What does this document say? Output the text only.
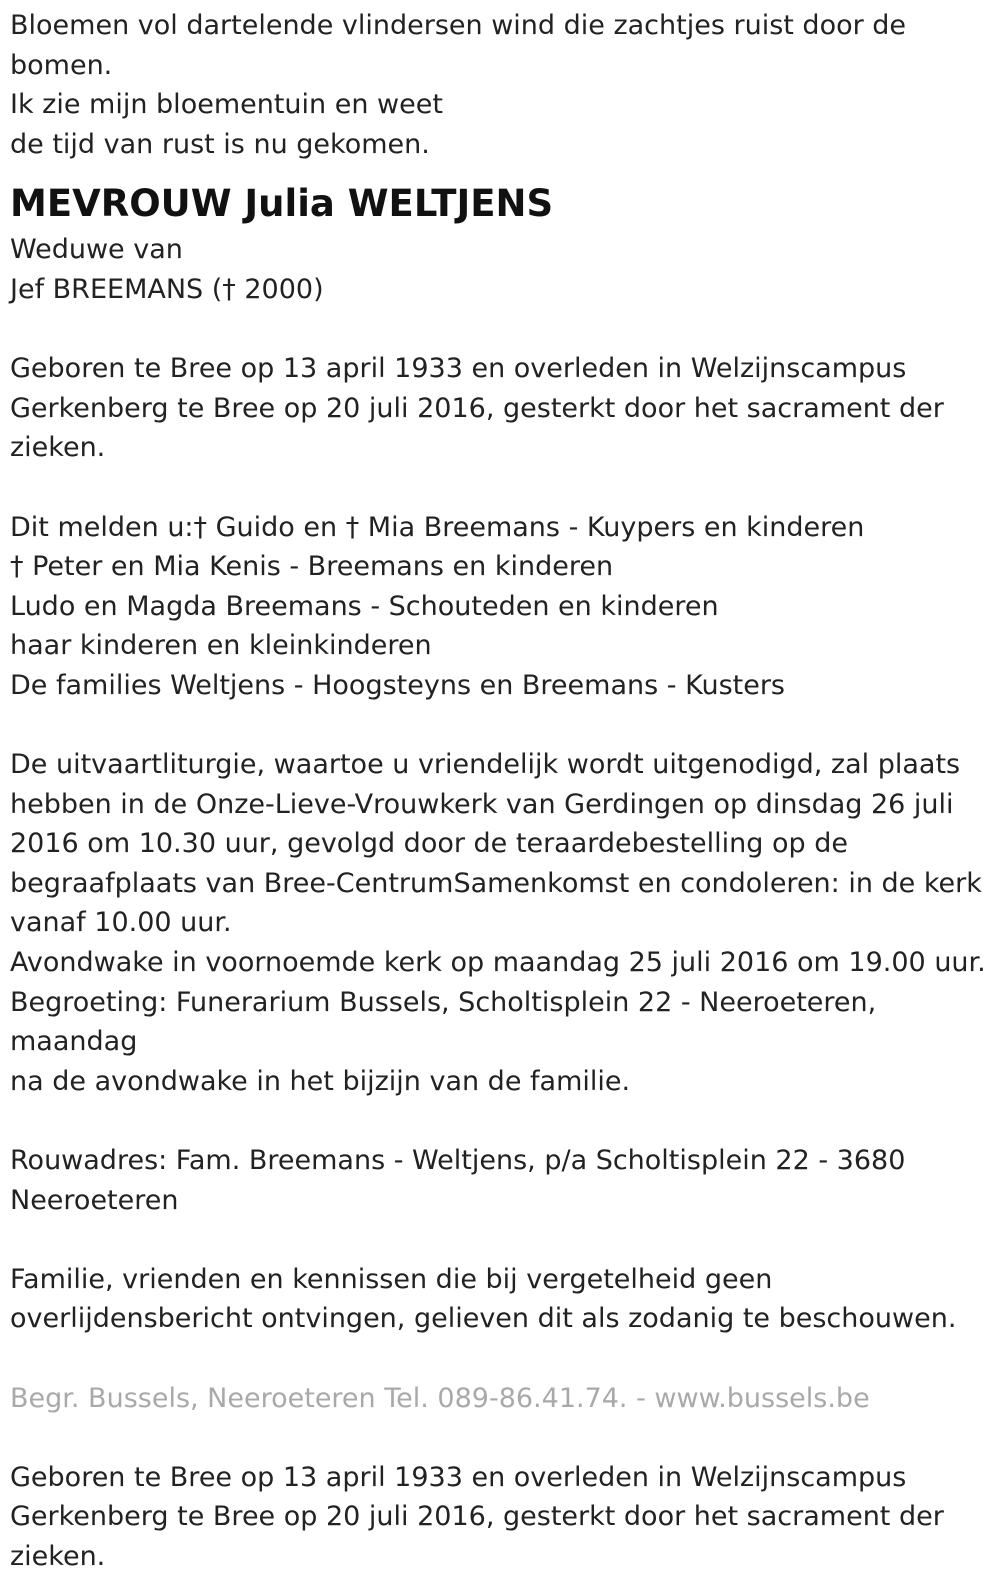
Bloemen vol dartelende vlindersen wind die zachtjes ruist door de
bomen.
Ik zie mijn bloementuin en weet
de tijd van rust is nu gekomen.

MEVROUW Julia WELTJENS

Weduwe van
Jef BREEMANS († 2000)

Geboren te Bree op 13 april 1933 en overleden in Welzijnscampus
Gerkenberg te Bree op 20 juli 2016, gesterkt door het sacrament der
zieken.

Dit melden u:† Guido en † Mia Breemans - Kuypers en kinderen
† Peter en Mia Kenis - Breemans en kinderen
Ludo en Magda Breemans - Schouteden en kinderen
haar kinderen en kleinkinderen
De families Weltjens - Hoogsteyns en Breemans - Kusters

De uitvaartliturgie, waartoe u vriendelijk wordt uitgenodigd, zal plaats
hebben in de Onze-Lieve-Vrouwkerk van Gerdingen op dinsdag 26 juli
2016 om 10.30 uur, gevolgd door de teraardebestelling op de
begraafplaats van Bree-CentrumSamenkomst en condoleren: in de kerk
vanaf 10.00 uur.
Avondwake in voornoemde kerk op maandag 25 juli 2016 om 19.00 uur.
Begroeting: Funerarium Bussels, Scholtisplein 22 - Neeroeteren, maandag
na de avondwake in het bijzijn van de familie.

Rouwadres: Fam. Breemans - Weltjens, p/a Scholtisplein 22 - 3680
Neeroeteren

Familie, vrienden en kennissen die bij vergetelheid geen
overlijdensbericht ontvingen, gelieven dit als zodanig te beschouwen.

Begr. Bussels, Neeroeteren Tel. 089-86.41.74. - www.bussels.be

Geboren te Bree op 13 april 1933 en overleden in Welzijnscampus
Gerkenberg te Bree op 20 juli 2016, gesterkt door het sacrament der
zieken.
